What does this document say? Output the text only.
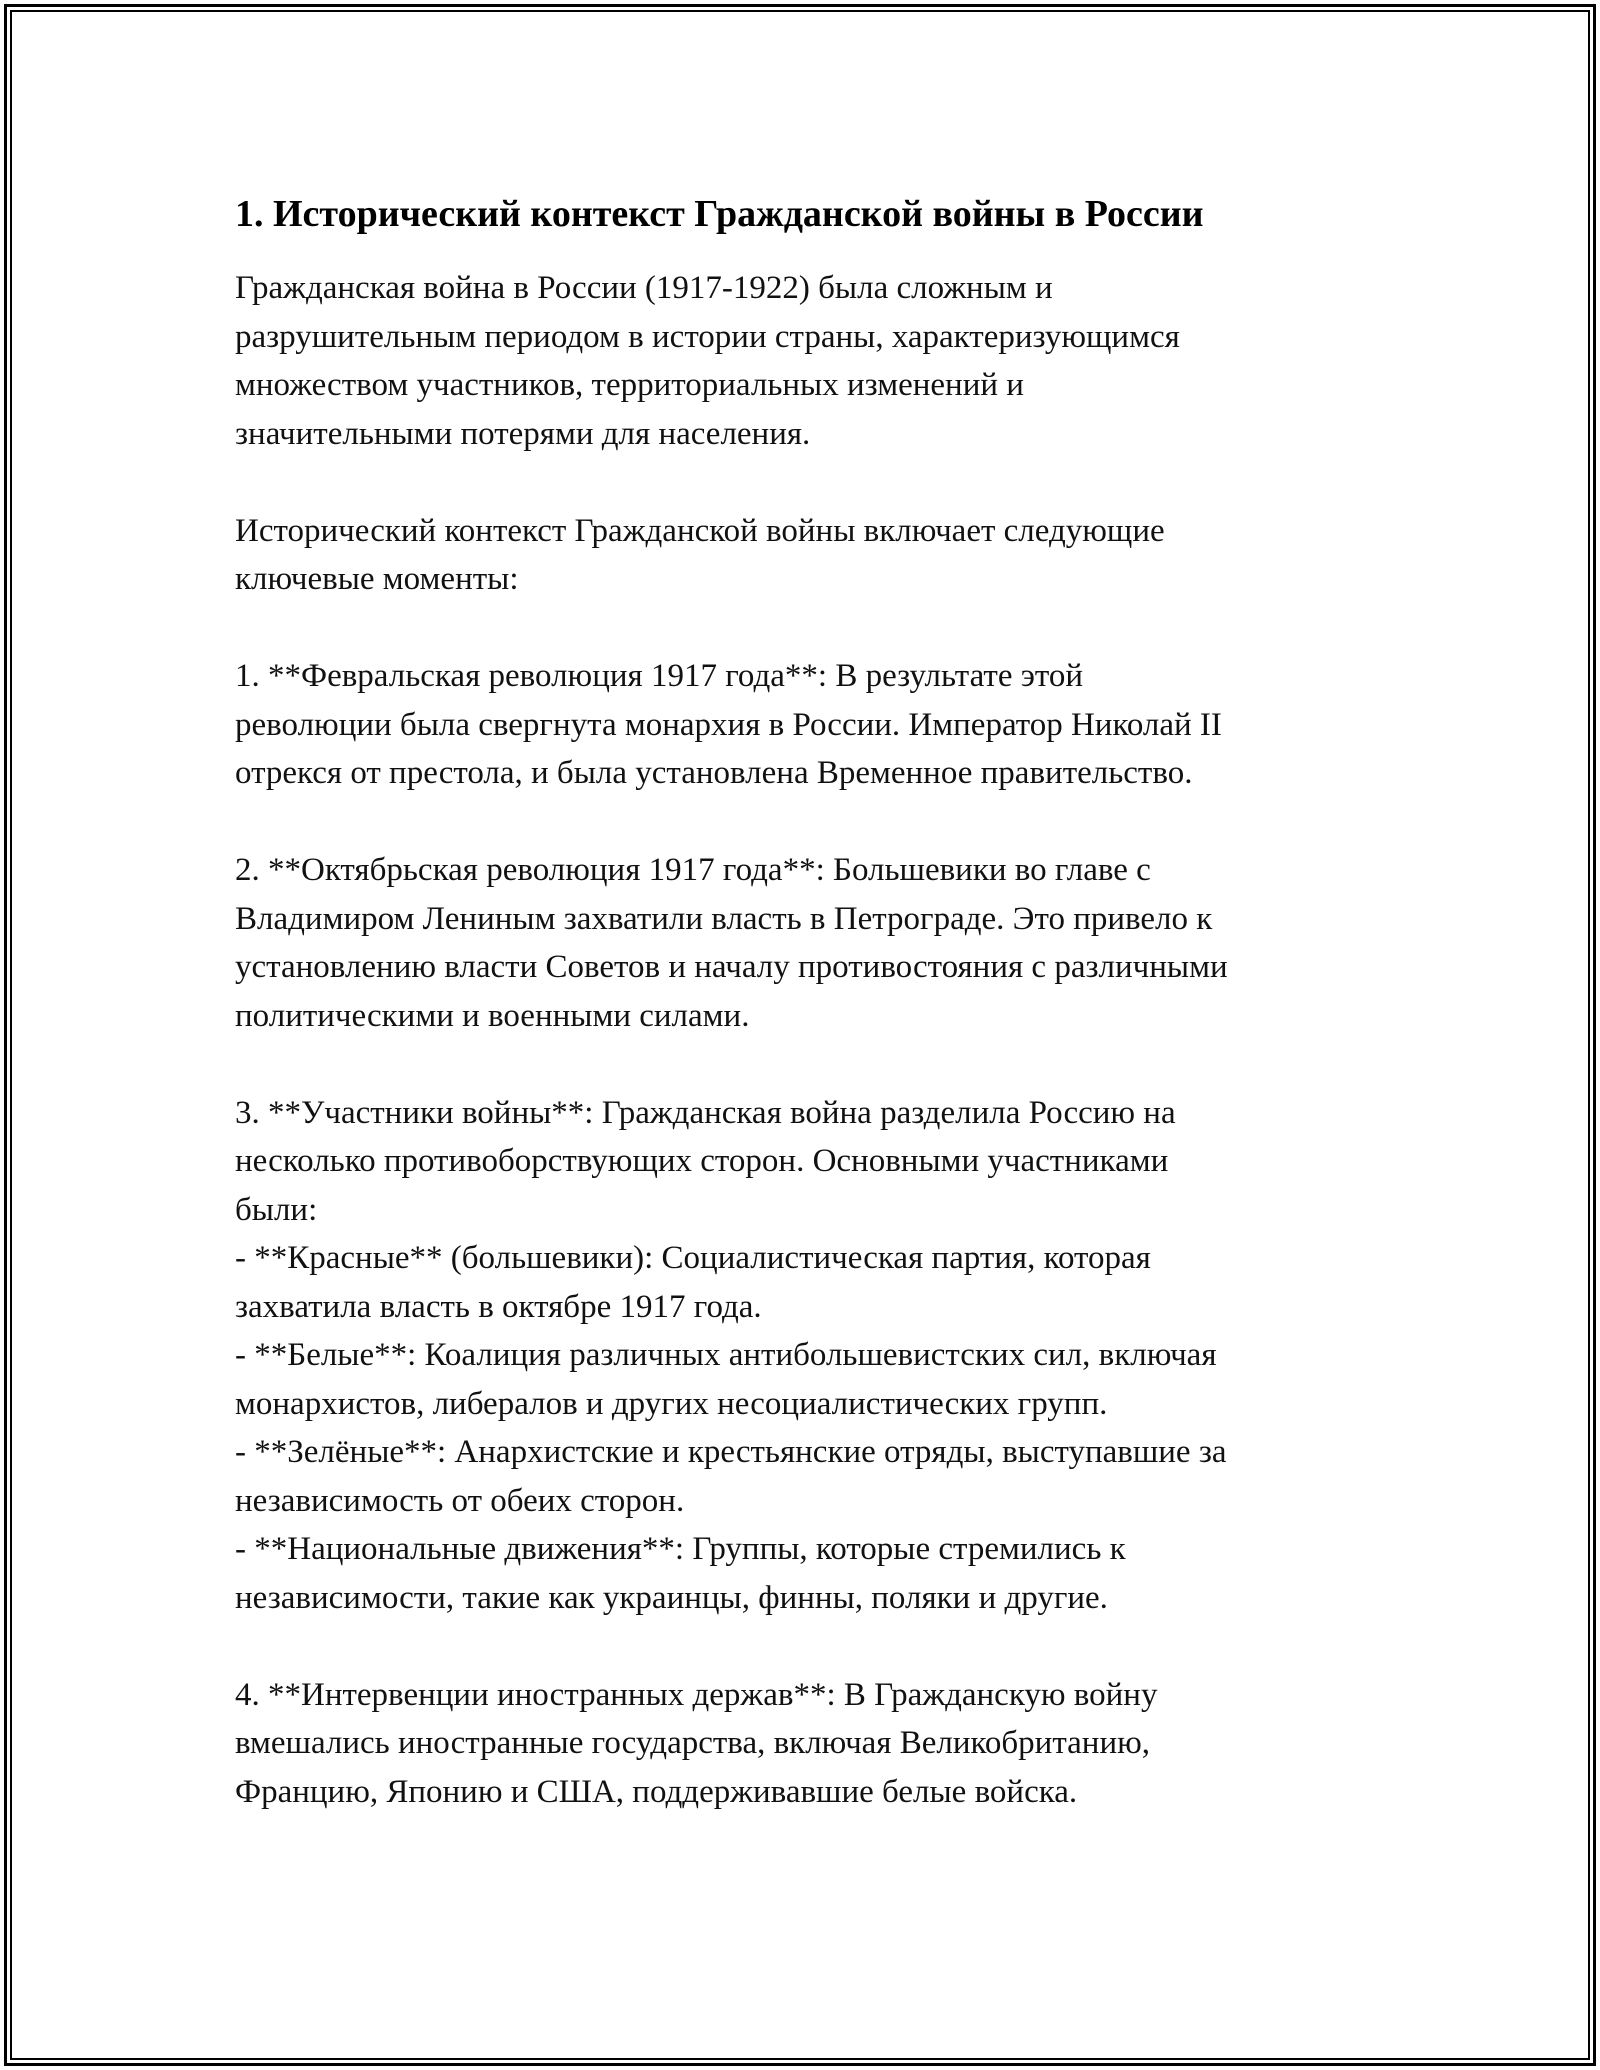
1. Исторический контекст Гражданской войны в России

Гражданская война в России (1917-1922) была сложным и
разрушительным периодом в истории страны, характеризующимся
множеством участников, территориальных изменений и
значительными потерями для населения.

Исторический контекст Гражданской войны включает следующие
ключевые моменты:

1. **Февральская революция 1917 года**: В результате этой
революции была свергнута монархия в России. Император Николай II
отрекся от престола, и была установлена Временное правительство.

2. **Октябрьская революция 1917 года**: Большевики во главе с
Владимиром Лениным захватили власть в Петрограде. Это привело к
установлению власти Советов и началу противостояния с различными
политическими и военными силами.

3. **Участники войны**: Гражданская война разделила Россию на
несколько противоборствующих сторон. Основными участниками
были:
- **Красные** (большевики): Социалистическая партия, которая
захватила власть в октябре 1917 года.
- **Белые**: Коалиция различных антибольшевистских сил, включая
монархистов, либералов и других несоциалистических групп.
- **Зелёные**: Анархистские и крестьянские отряды, выступавшие за
независимость от обеих сторон.
- **Национальные движения**: Группы, которые стремились к
независимости, такие как украинцы, финны, поляки и другие.

4. **Интервенции иностранных держав**: В Гражданскую войну
вмешались иностранные государства, включая Великобританию,
Францию, Японию и США, поддерживавшие белые войска.
